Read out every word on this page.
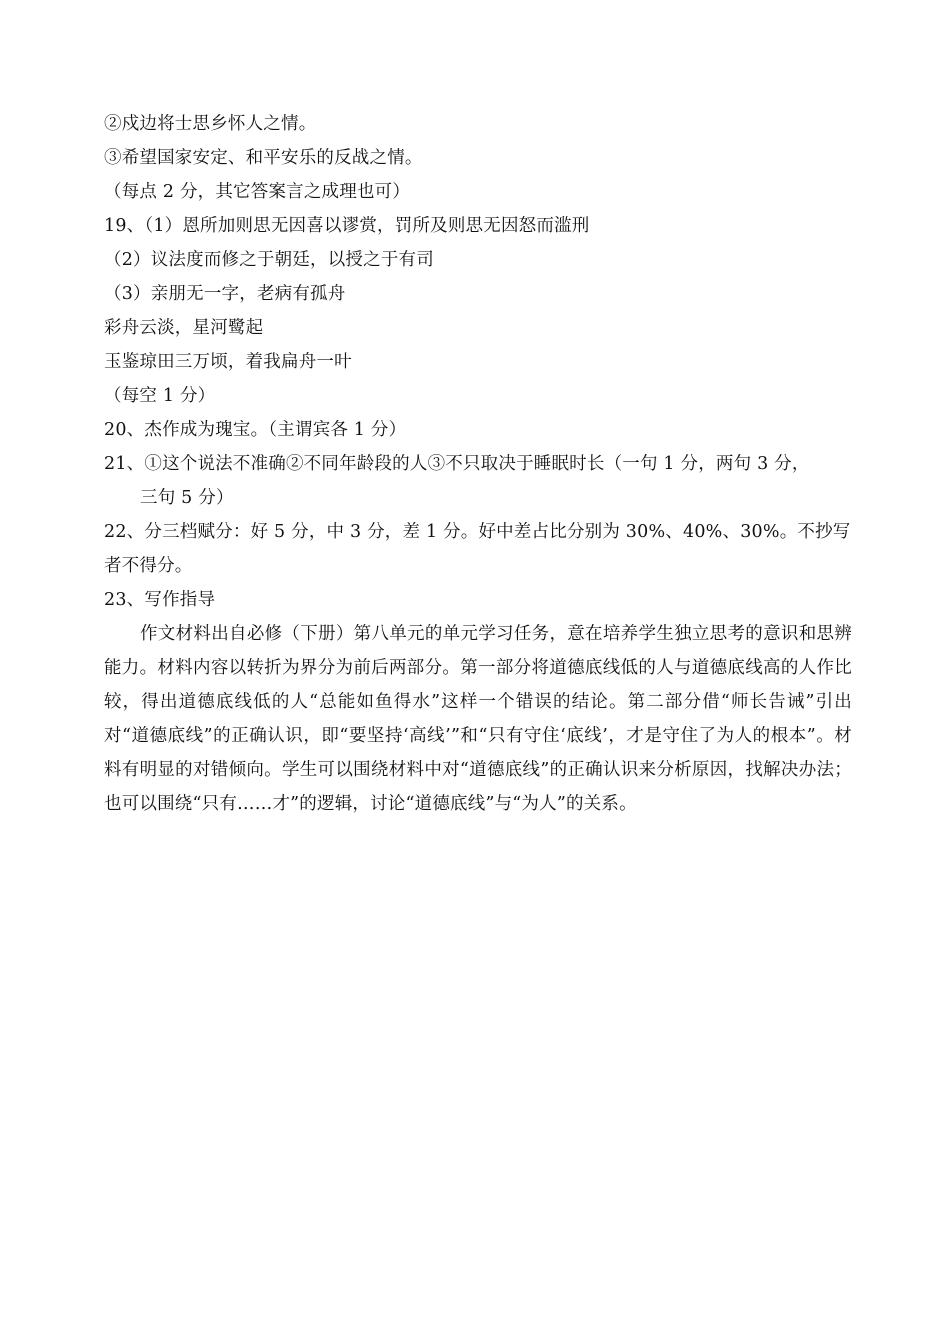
②戍边将士思乡怀人之情。
③希望国家安定、和平安乐的反战之情。
（每点 2 分，其它答案言之成理也可）
19、（1）恩所加则思无因喜以谬赏，罚所及则思无因怒而滥刑
（2）议法度而修之于朝廷，以授之于有司
（3）亲朋无一字，老病有孤舟
彩舟云淡，星河鹭起
玉鉴琼田三万顷，着我扁舟一叶
（每空 1 分）
20、杰作成为瑰宝。（主谓宾各 1 分）
21、①这个说法不准确②不同年龄段的人③不只取决于睡眠时长（一句 1 分，两句 3 分，
三句 5 分）
22、分三档赋分：好 5 分，中 3 分，差 1 分。好中差占比分别为 30%、40%、30%。不抄写
者不得分。
23、写作指导
作文材料出自必修（下册）第八单元的单元学习任务，意在培养学生独立思考的意识和思辨能力。材料内容以转折为界分为前后两部分。第一部分将道德底线低的人与道德底线高的人作比较，得出道德底线低的人“总能如鱼得水”这样一个错误的结论。第二部分借“师长告诫”引出对“道德底线”的正确认识，即“要坚持‘高线’”和“只有守住‘底线’，才是守住了为人的根本”。材料有明显的对错倾向。学生可以围绕材料中对“道德底线”的正确认识来分析原因，找解决办法；也可以围绕“只有……才”的逻辑，讨论“道德底线”与“为人”的关系。
